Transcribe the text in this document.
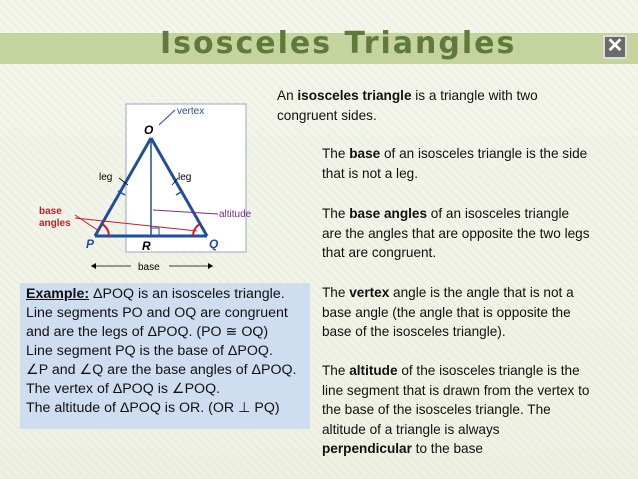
Isosceles Triangles	✕
vertex
O
leg	leg
base
angles
altitude
P	R	Q
base
Example: ΔPOQ is an isosceles triangle.
Line segments PO and OQ are congruent
and are the legs of ΔPOQ. (PO ≅ OQ)
Line segment PQ is the base of ΔPOQ.
∠P and ∠Q are the base angles of ΔPOQ.
The vertex of ΔPOQ is ∠POQ.
The altitude of ΔPOQ is OR. (OR ⊥ PQ)
An isosceles triangle is a triangle with two congruent sides.
The base of an isosceles triangle is the side that is not a leg.
The base angles of an isosceles triangle are the angles that are opposite the two legs that are congruent.
The vertex angle is the angle that is not a base angle (the angle that is opposite the base of the isosceles triangle).
The altitude of the isosceles triangle is the line segment that is drawn from the vertex to the base of the isosceles triangle. The altitude of a triangle is always perpendicular to the base
